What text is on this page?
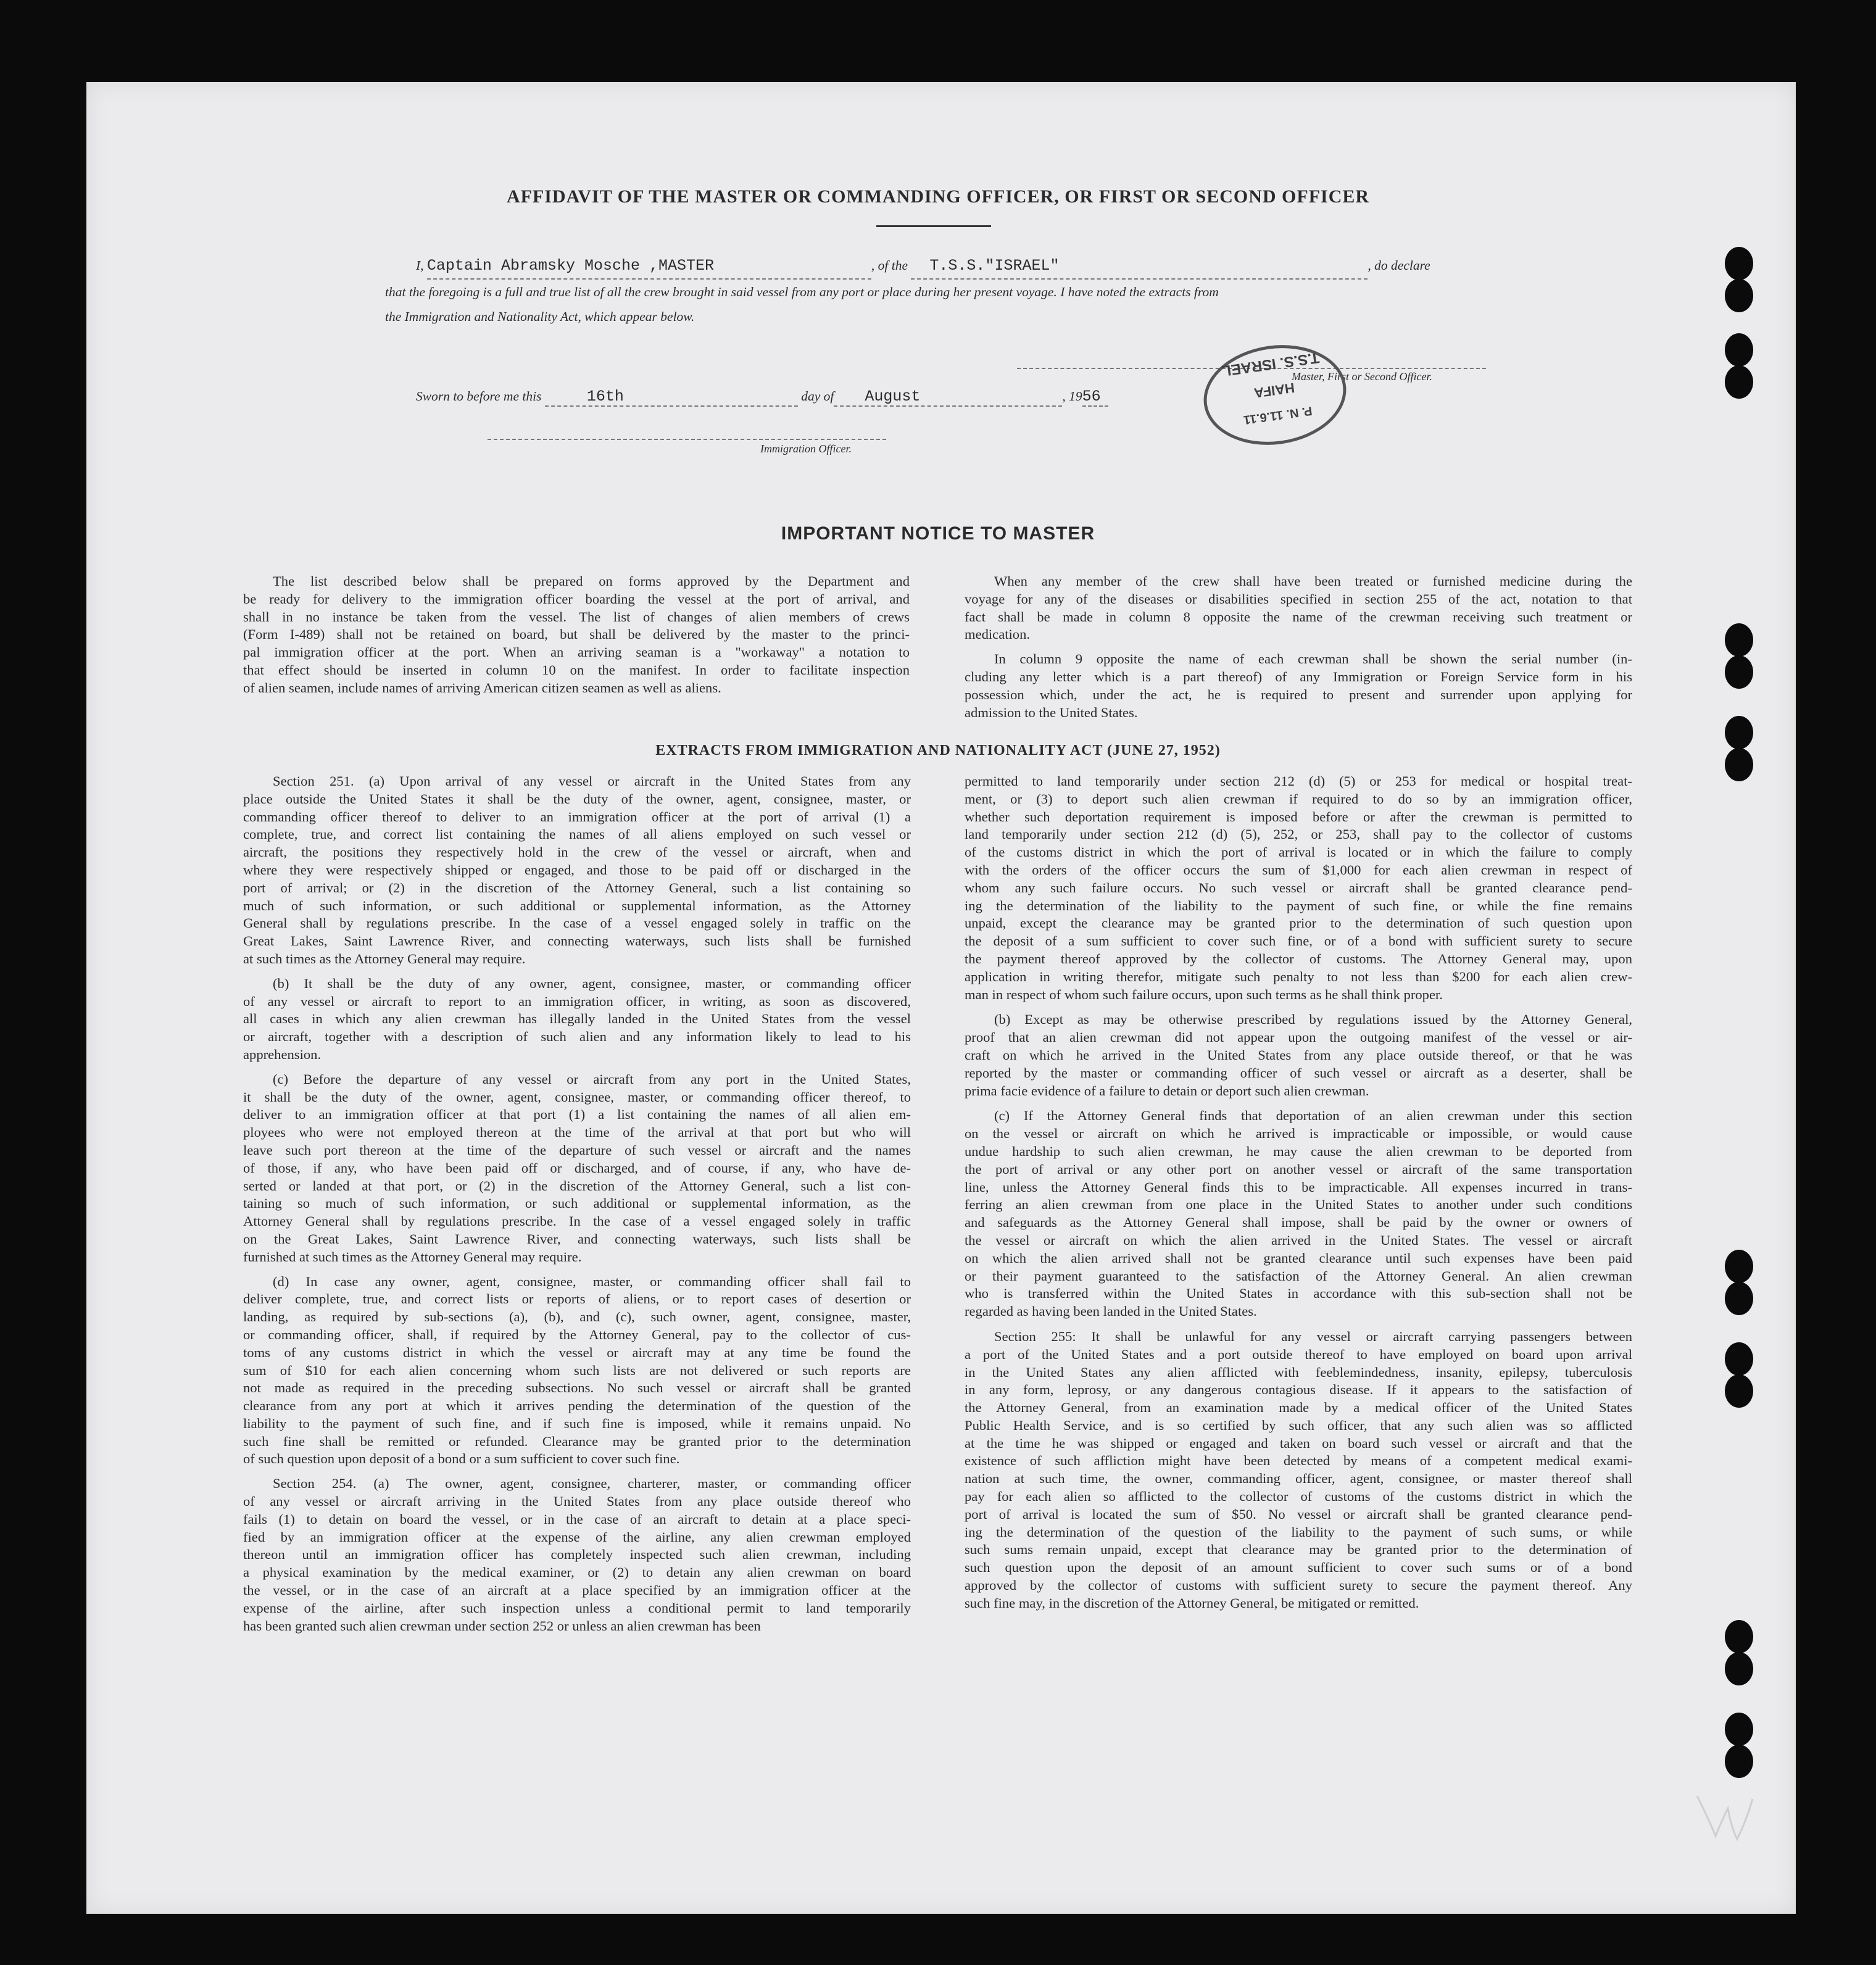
AFFIDAVIT OF THE MASTER OR COMMANDING OFFICER, OR FIRST OR SECOND OFFICER
I, Captain Abramsky Mosche ,MASTER	, of the T.S.S."ISRAEL"	, do declare
that the foregoing is a full and true list of all the crew brought in said vessel from any port or place during her present voyage. I have noted the extracts from
the Immigration and Nationality Act, which appear below.
Master, First or Second Officer.
T.S.S. ISRAEL
HAIFA
P. N. 11.6.11
Sworn to before me this	16th	day of August	, 1956
Immigration Officer.
IMPORTANT NOTICE TO MASTER

The list described below shall be prepared on forms approved by the Department and
be ready for delivery to the immigration officer boarding the vessel at the port of arrival, and
shall in no instance be taken from the vessel. The list of changes of alien members of crews
(Form I-489) shall not be retained on board, but shall be delivered by the master to the princi-
pal immigration officer at the port. When an arriving seaman is a "workaway" a notation to
that effect should be inserted in column 10 on the manifest. In order to facilitate inspection
of alien seamen, include names of arriving American citizen seamen as well as aliens.

When any member of the crew shall have been treated or furnished medicine during the
voyage for any of the diseases or disabilities specified in section 255 of the act, notation to that
fact shall be made in column 8 opposite the name of the crewman receiving such treatment or
medication.

In column 9 opposite the name of each crewman shall be shown the serial number (in-
cluding any letter which is a part thereof) of any Immigration or Foreign Service form in his
possession which, under the act, he is required to present and surrender upon applying for
admission to the United States.

EXTRACTS FROM IMMIGRATION AND NATIONALITY ACT (JUNE 27, 1952)

Section 251. (a) Upon arrival of any vessel or aircraft in the United States from any
place outside the United States it shall be the duty of the owner, agent, consignee, master, or
commanding officer thereof to deliver to an immigration officer at the port of arrival (1) a
complete, true, and correct list containing the names of all aliens employed on such vessel or
aircraft, the positions they respectively hold in the crew of the vessel or aircraft, when and
where they were respectively shipped or engaged, and those to be paid off or discharged in the
port of arrival; or (2) in the discretion of the Attorney General, such a list containing so
much of such information, or such additional or supplemental information, as the Attorney
General shall by regulations prescribe. In the case of a vessel engaged solely in traffic on the
Great Lakes, Saint Lawrence River, and connecting waterways, such lists shall be furnished
at such times as the Attorney General may require.

(b) It shall be the duty of any owner, agent, consignee, master, or commanding officer
of any vessel or aircraft to report to an immigration officer, in writing, as soon as discovered,
all cases in which any alien crewman has illegally landed in the United States from the vessel
or aircraft, together with a description of such alien and any information likely to lead to his
apprehension.

(c) Before the departure of any vessel or aircraft from any port in the United States,
it shall be the duty of the owner, agent, consignee, master, or commanding officer thereof, to
deliver to an immigration officer at that port (1) a list containing the names of all alien em-
ployees who were not employed thereon at the time of the arrival at that port but who will
leave such port thereon at the time of the departure of such vessel or aircraft and the names
of those, if any, who have been paid off or discharged, and of course, if any, who have de-
serted or landed at that port, or (2) in the discretion of the Attorney General, such a list con-
taining so much of such information, or such additional or supplemental information, as the
Attorney General shall by regulations prescribe. In the case of a vessel engaged solely in traffic
on the Great Lakes, Saint Lawrence River, and connecting waterways, such lists shall be
furnished at such times as the Attorney General may require.

(d) In case any owner, agent, consignee, master, or commanding officer shall fail to
deliver complete, true, and correct lists or reports of aliens, or to report cases of desertion or
landing, as required by sub-sections (a), (b), and (c), such owner, agent, consignee, master,
or commanding officer, shall, if required by the Attorney General, pay to the collector of cus-
toms of any customs district in which the vessel or aircraft may at any time be found the
sum of $10 for each alien concerning whom such lists are not delivered or such reports are
not made as required in the preceding subsections. No such vessel or aircraft shall be granted
clearance from any port at which it arrives pending the determination of the question of the
liability to the payment of such fine, and if such fine is imposed, while it remains unpaid. No
such fine shall be remitted or refunded. Clearance may be granted prior to the determination
of such question upon deposit of a bond or a sum sufficient to cover such fine.

Section 254. (a) The owner, agent, consignee, charterer, master, or commanding officer
of any vessel or aircraft arriving in the United States from any place outside thereof who
fails (1) to detain on board the vessel, or in the case of an aircraft to detain at a place speci-
fied by an immigration officer at the expense of the airline, any alien crewman employed
thereon until an immigration officer has completely inspected such alien crewman, including
a physical examination by the medical examiner, or (2) to detain any alien crewman on board
the vessel, or in the case of an aircraft at a place specified by an immigration officer at the
expense of the airline, after such inspection unless a conditional permit to land temporarily
has been granted such alien crewman under section 252 or unless an alien crewman has been

permitted to land temporarily under section 212 (d) (5) or 253 for medical or hospital treat-
ment, or (3) to deport such alien crewman if required to do so by an immigration officer,
whether such deportation requirement is imposed before or after the crewman is permitted to
land temporarily under section 212 (d) (5), 252, or 253, shall pay to the collector of customs
of the customs district in which the port of arrival is located or in which the failure to comply
with the orders of the officer occurs the sum of $1,000 for each alien crewman in respect of
whom any such failure occurs. No such vessel or aircraft shall be granted clearance pend-
ing the determination of the liability to the payment of such fine, or while the fine remains
unpaid, except the clearance may be granted prior to the determination of such question upon
the deposit of a sum sufficient to cover such fine, or of a bond with sufficient surety to secure
the payment thereof approved by the collector of customs. The Attorney General may, upon
application in writing therefor, mitigate such penalty to not less than $200 for each alien crew-
man in respect of whom such failure occurs, upon such terms as he shall think proper.

(b) Except as may be otherwise prescribed by regulations issued by the Attorney General,
proof that an alien crewman did not appear upon the outgoing manifest of the vessel or air-
craft on which he arrived in the United States from any place outside thereof, or that he was
reported by the master or commanding officer of such vessel or aircraft as a deserter, shall be
prima facie evidence of a failure to detain or deport such alien crewman.

(c) If the Attorney General finds that deportation of an alien crewman under this section
on the vessel or aircraft on which he arrived is impracticable or impossible, or would cause
undue hardship to such alien crewman, he may cause the alien crewman to be deported from
the port of arrival or any other port on another vessel or aircraft of the same transportation
line, unless the Attorney General finds this to be impracticable. All expenses incurred in trans-
ferring an alien crewman from one place in the United States to another under such conditions
and safeguards as the Attorney General shall impose, shall be paid by the owner or owners of
the vessel or aircraft on which the alien arrived in the United States. The vessel or aircraft
on which the alien arrived shall not be granted clearance until such expenses have been paid
or their payment guaranteed to the satisfaction of the Attorney General. An alien crewman
who is transferred within the United States in accordance with this sub-section shall not be
regarded as having been landed in the United States.

Section 255: It shall be unlawful for any vessel or aircraft carrying passengers between
a port of the United States and a port outside thereof to have employed on board upon arrival
in the United States any alien afflicted with feeblemindedness, insanity, epilepsy, tuberculosis
in any form, leprosy, or any dangerous contagious disease. If it appears to the satisfaction of
the Attorney General, from an examination made by a medical officer of the United States
Public Health Service, and is so certified by such officer, that any such alien was so afflicted
at the time he was shipped or engaged and taken on board such vessel or aircraft and that the
existence of such affliction might have been detected by means of a competent medical exami-
nation at such time, the owner, commanding officer, agent, consignee, or master thereof shall
pay for each alien so afflicted to the collector of customs of the customs district in which the
port of arrival is located the sum of $50. No vessel or aircraft shall be granted clearance pend-
ing the determination of the question of the liability to the payment of such sums, or while
such sums remain unpaid, except that clearance may be granted prior to the determination of
such question upon the deposit of an amount sufficient to cover such sums or of a bond
approved by the collector of customs with sufficient surety to secure the payment thereof. Any
such fine may, in the discretion of the Attorney General, be mitigated or remitted.
